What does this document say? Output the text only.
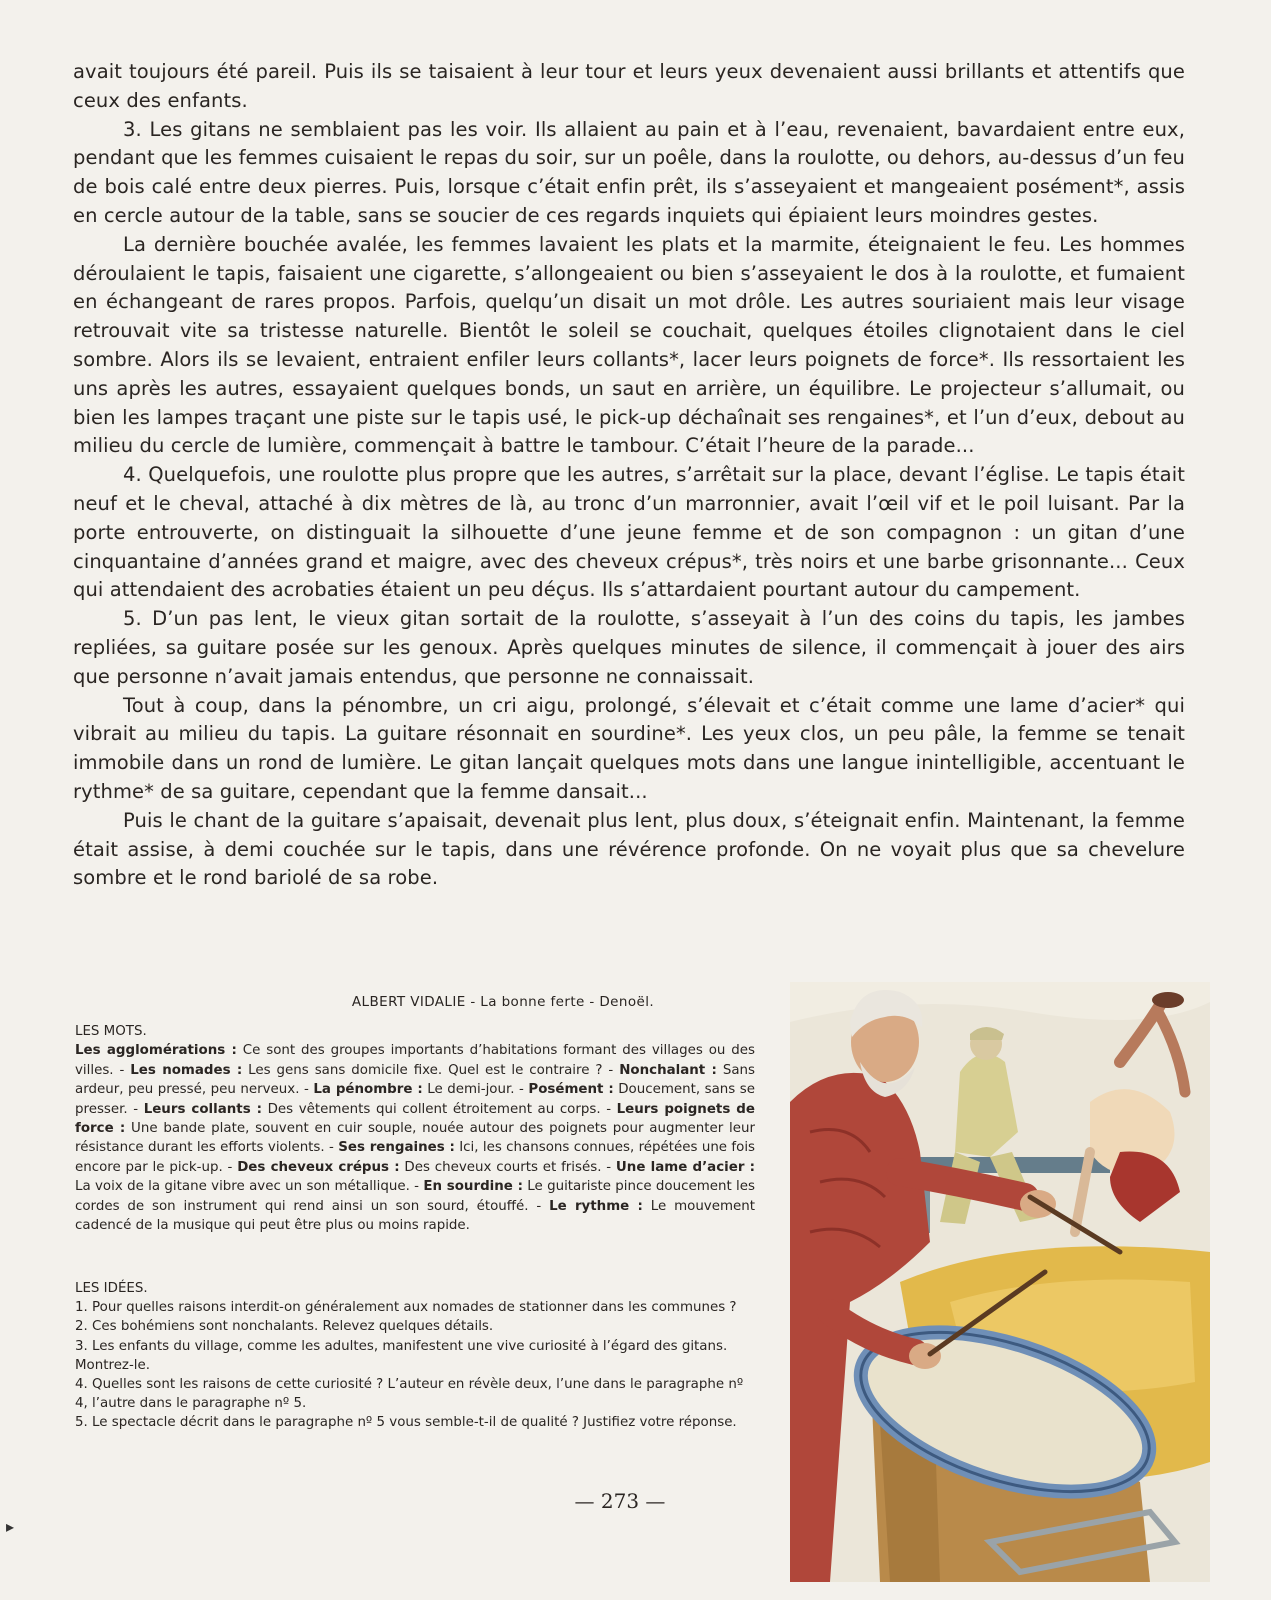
avait toujours été pareil. Puis ils se taisaient à leur tour et leurs yeux devenaient aussi brillants et attentifs que ceux des enfants.

3. Les gitans ne semblaient pas les voir. Ils allaient au pain et à l’eau, revenaient, bavardaient entre eux, pendant que les femmes cuisaient le repas du soir, sur un poêle, dans la roulotte, ou dehors, au-dessus d’un feu de bois calé entre deux pierres. Puis, lorsque c’était enfin prêt, ils s’asseyaient et mangeaient posément*, assis en cercle autour de la table, sans se soucier de ces regards inquiets qui épiaient leurs moindres gestes.

La dernière bouchée avalée, les femmes lavaient les plats et la marmite, éteignaient le feu. Les hommes déroulaient le tapis, faisaient une cigarette, s’allongeaient ou bien s’asseyaient le dos à la roulotte, et fumaient en échangeant de rares propos. Parfois, quelqu’un disait un mot drôle. Les autres souriaient mais leur visage retrouvait vite sa tristesse naturelle. Bientôt le soleil se couchait, quelques étoiles clignotaient dans le ciel sombre. Alors ils se levaient, entraient enfiler leurs collants*, lacer leurs poignets de force*. Ils ressortaient les uns après les autres, essayaient quelques bonds, un saut en arrière, un équilibre. Le projecteur s’allumait, ou bien les lampes traçant une piste sur le tapis usé, le pick-up déchaînait ses rengaines*, et l’un d’eux, debout au milieu du cercle de lumière, commençait à battre le tambour. C’était l’heure de la parade...

4. Quelquefois, une roulotte plus propre que les autres, s’arrêtait sur la place, devant l’église. Le tapis était neuf et le cheval, attaché à dix mètres de là, au tronc d’un marronnier, avait l’œil vif et le poil luisant. Par la porte entrouverte, on distinguait la silhouette d’une jeune femme et de son compagnon : un gitan d’une cinquantaine d’années grand et maigre, avec des cheveux crépus*, très noirs et une barbe grisonnante... Ceux qui attendaient des acrobaties étaient un peu déçus. Ils s’attardaient pourtant autour du campement.

5. D’un pas lent, le vieux gitan sortait de la roulotte, s’asseyait à l’un des coins du tapis, les jambes repliées, sa guitare posée sur les genoux. Après quelques minutes de silence, il commençait à jouer des airs que personne n’avait jamais entendus, que personne ne connaissait.

Tout à coup, dans la pénombre, un cri aigu, prolongé, s’élevait et c’était comme une lame d’acier* qui vibrait au milieu du tapis. La guitare résonnait en sourdine*. Les yeux clos, un peu pâle, la femme se tenait immobile dans un rond de lumière. Le gitan lançait quelques mots dans une langue inintelligible, accentuant le rythme* de sa guitare, cependant que la femme dansait...

Puis le chant de la guitare s’apaisait, devenait plus lent, plus doux, s’éteignait enfin. Maintenant, la femme était assise, à demi couchée sur le tapis, dans une révérence profonde. On ne voyait plus que sa chevelure sombre et le rond bariolé de sa robe.

ALBERT VIDALIE - La bonne ferte - Denoël.
LES MOTS.
Les agglomérations : Ce sont des groupes importants d’habitations formant des villages ou des villes. - Les nomades : Les gens sans domicile fixe. Quel est le contraire ? - Nonchalant : Sans ardeur, peu pressé, peu nerveux. - La pénombre : Le demi-jour. - Posément : Doucement, sans se presser. - Leurs collants : Des vêtements qui collent étroitement au corps. - Leurs poignets de force : Une bande plate, souvent en cuir souple, nouée autour des poignets pour augmenter leur résistance durant les efforts violents. - Ses rengaines : Ici, les chansons connues, répétées une fois encore par le pick-up. - Des cheveux crépus : Des cheveux courts et frisés. - Une lame d’acier : La voix de la gitane vibre avec un son métallique. - En sourdine : Le guitariste pince doucement les cordes de son instrument qui rend ainsi un son sourd, étouffé. - Le rythme : Le mouvement cadencé de la musique qui peut être plus ou moins rapide.
LES IDÉES.
1. Pour quelles raisons interdit-on généralement aux nomades de stationner dans les communes ?
2. Ces bohémiens sont nonchalants. Relevez quelques détails.
3. Les enfants du village, comme les adultes, manifestent une vive curiosité à l’égard des gitans. Montrez-le.
4. Quelles sont les raisons de cette curiosité ? L’auteur en révèle deux, l’une dans le paragraphe nº 4, l’autre dans le paragraphe nº 5.
5. Le spectacle décrit dans le paragraphe nº 5 vous semble-t-il de qualité ? Justifiez votre réponse.
— 273 —
▸
